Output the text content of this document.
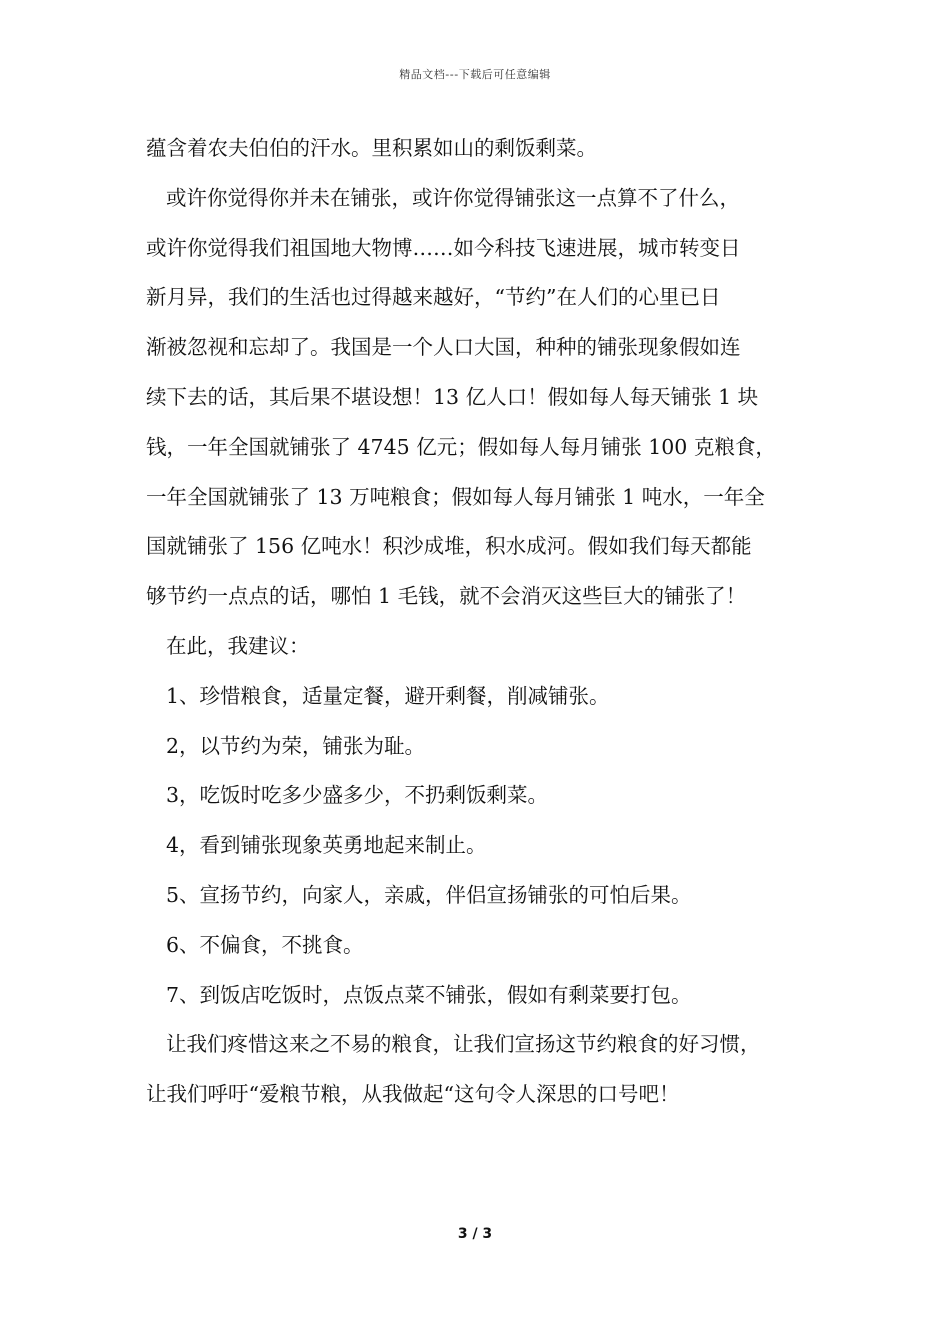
精品文档---下载后可任意编辑
蕴含着农夫伯伯的汗水。里积累如山的剩饭剩菜。
或许你觉得你并未在铺张，或许你觉得铺张这一点算不了什么，
或许你觉得我们祖国地大物博……如今科技飞速进展，城市转变日
新月异，我们的生活也过得越来越好，“节约”在人们的心里已日
渐被忽视和忘却了。我国是一个人口大国，种种的铺张现象假如连
续下去的话，其后果不堪设想！13 亿人口！假如每人每天铺张 1 块
钱，一年全国就铺张了 4745 亿元；假如每人每月铺张 100 克粮食，
一年全国就铺张了 13 万吨粮食；假如每人每月铺张 1 吨水，一年全
国就铺张了 156 亿吨水！积沙成堆，积水成河。假如我们每天都能
够节约一点点的话，哪怕 1 毛钱，就不会消灭这些巨大的铺张了！
在此，我建议：
1、珍惜粮食，适量定餐，避开剩餐，削减铺张。
2，以节约为荣，铺张为耻。
3，吃饭时吃多少盛多少，不扔剩饭剩菜。
4，看到铺张现象英勇地起来制止。
5、宣扬节约，向家人，亲戚，伴侣宣扬铺张的可怕后果。
6、不偏食，不挑食。
7、到饭店吃饭时，点饭点菜不铺张，假如有剩菜要打包。
让我们疼惜这来之不易的粮食，让我们宣扬这节约粮食的好习惯，
让我们呼吁“爱粮节粮，从我做起“这句令人深思的口号吧！
3 / 3
